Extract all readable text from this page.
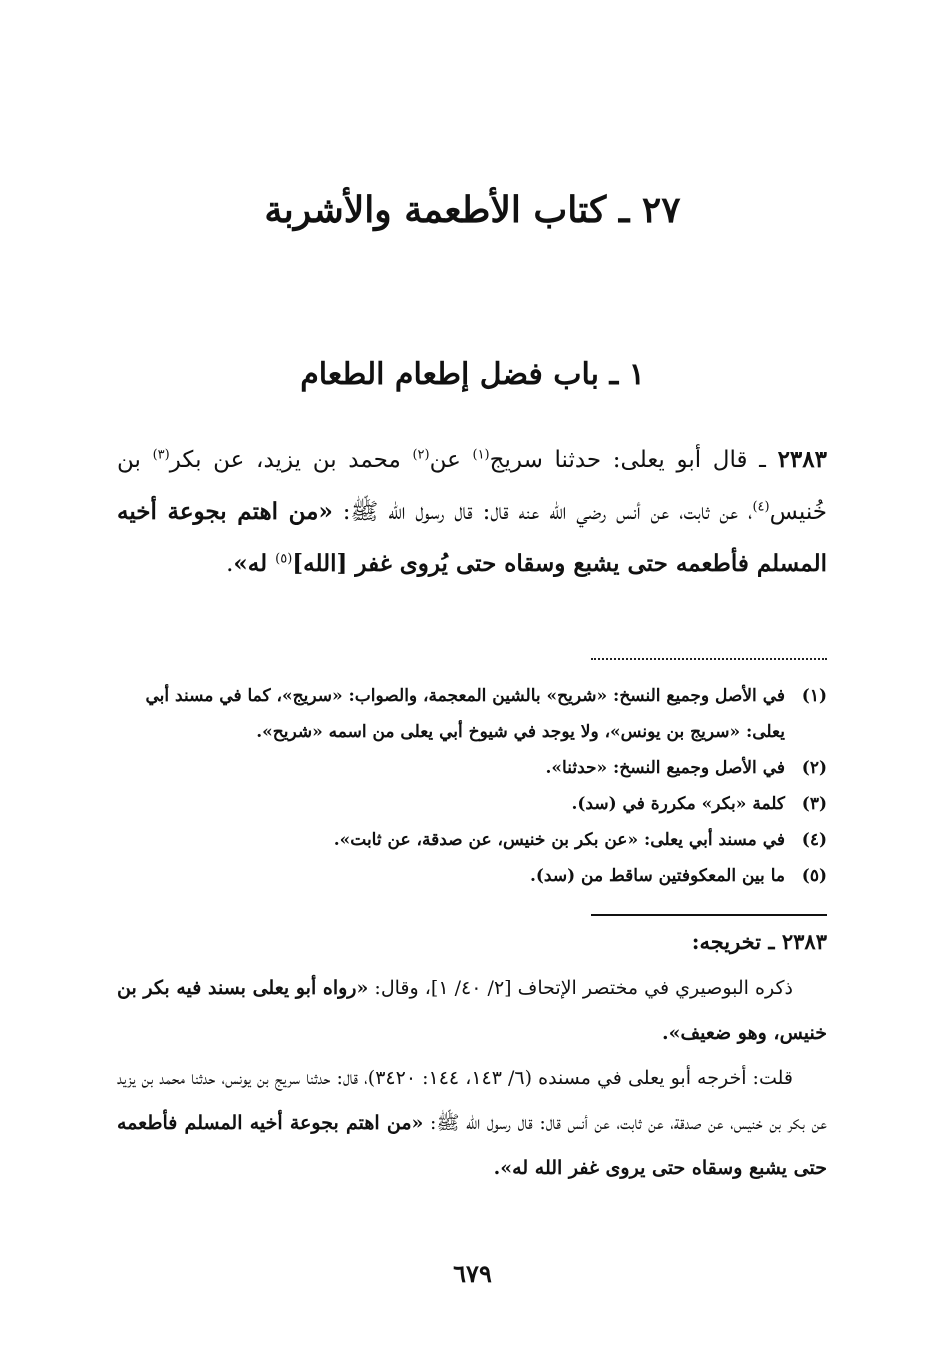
٢٧ ـ كتاب الأطعمة والأشربة
١ ـ باب فضل إطعام الطعام
٢٣٨٣ ـ قال أبو يعلى: حدثنا سريج$^{(١)}$ عن$^{(٢)}$ محمد بن يزيد، عن بكر$^{(٣)}$ بن خُنيس$^{(٤)}$، عن ثابت، عن أنس رضي الله عنه قال: قال رسول الله ﷺ: «من اهتم بجوعة أخيه المسلم فأطعمه حتى يشبع وسقاه حتى يُروى غفر [الله]$^{(٥)}$ له».
(١)
في الأصل وجميع النسخ: «شريح» بالشين المعجمة، والصواب: «سريج»، كما في مسند أبي يعلى: «سريج بن يونس»، ولا يوجد في شيوخ أبي يعلى من اسمه «شريح».
(٢)
في الأصل وجميع النسخ: «حدثنا».
(٣)
كلمة «بكر» مكررة في (سد).
(٤)
في مسند أبي يعلى: «عن بكر بن خنيس، عن صدقة، عن ثابت».
(٥)
ما بين المعكوفتين ساقط من (سد).
٢٣٨٣ ـ تخريجه:

ذكره البوصيري في مختصر الإتحاف [٢/ ٤٠/ ١]، وقال: «رواه أبو يعلى بسند فيه بكر بن خنيس، وهو ضعيف».

قلت: أخرجه أبو يعلى في مسنده (٦/ ١٤٣، ١٤٤: ٣٤٢٠)، قال: حدثنا سريج بن يونس، حدثنا محمد بن يزيد عن بكر بن خنيس، عن صدقة، عن ثابت، عن أنس قال: قال رسول الله ﷺ: «من اهتم بجوعة أخيه المسلم فأطعمه حتى يشبع وسقاه حتى يروى غفر الله له».

٦٧٩
